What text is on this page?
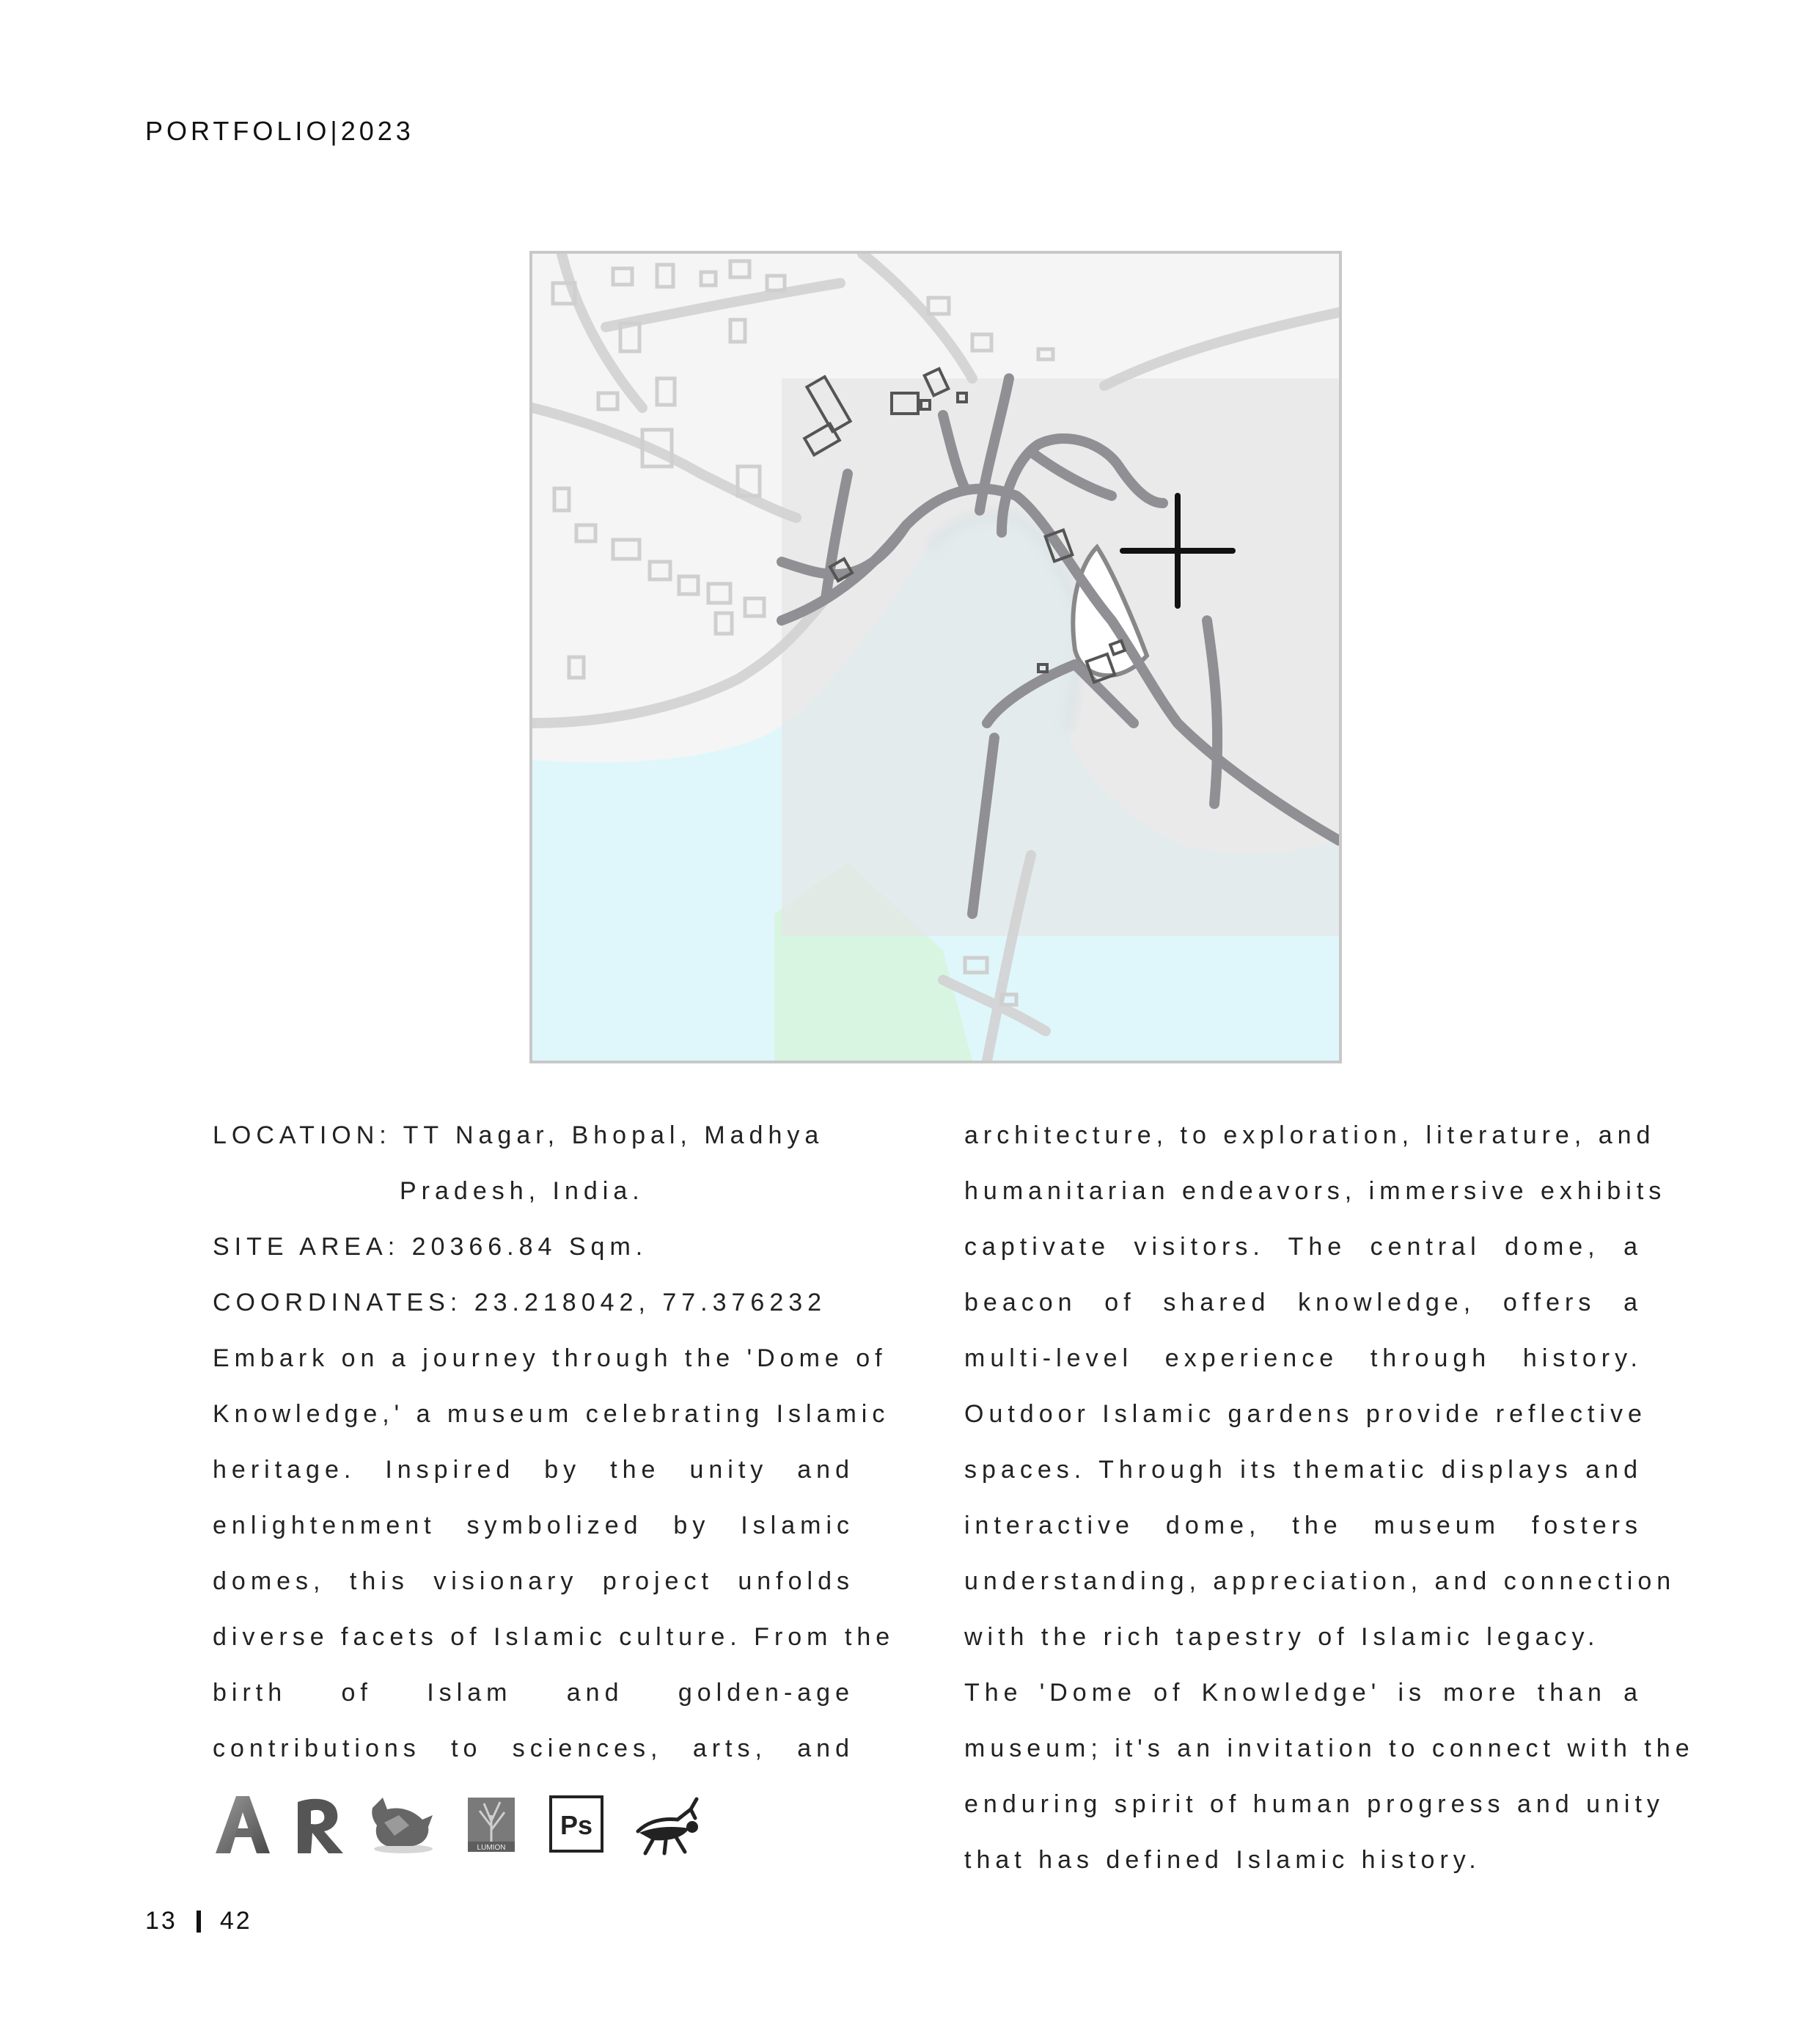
PORTFOLIO|2023
LOCATION: TT Nagar, Bhopal, Madhya
Pradesh, India.
SITE AREA: 20366.84 Sqm.
COORDINATES: 23.218042, 77.376232
Embark on a journey through the 'Dome of
Knowledge,' a museum celebrating Islamic
heritage. Inspired by the unity and
enlightenment symbolized by Islamic
domes, this visionary project unfolds
diverse facets of Islamic culture. From the
birth of Islam and golden-age
contributions to sciences, arts, and
architecture, to exploration, literature, and
humanitarian endeavors, immersive exhibits
captivate visitors. The central dome, a
beacon of shared knowledge, offers a
multi-level experience through history.
Outdoor Islamic gardens provide reflective
spaces. Through its thematic displays and
interactive dome, the museum fosters
understanding, appreciation, and connection
with the rich tapestry of Islamic legacy.
The 'Dome of Knowledge' is more than a
museum; it's an invitation to connect with the
enduring spirit of human progress and unity
that has defined Islamic history.
LUMION
Ps
13 42
